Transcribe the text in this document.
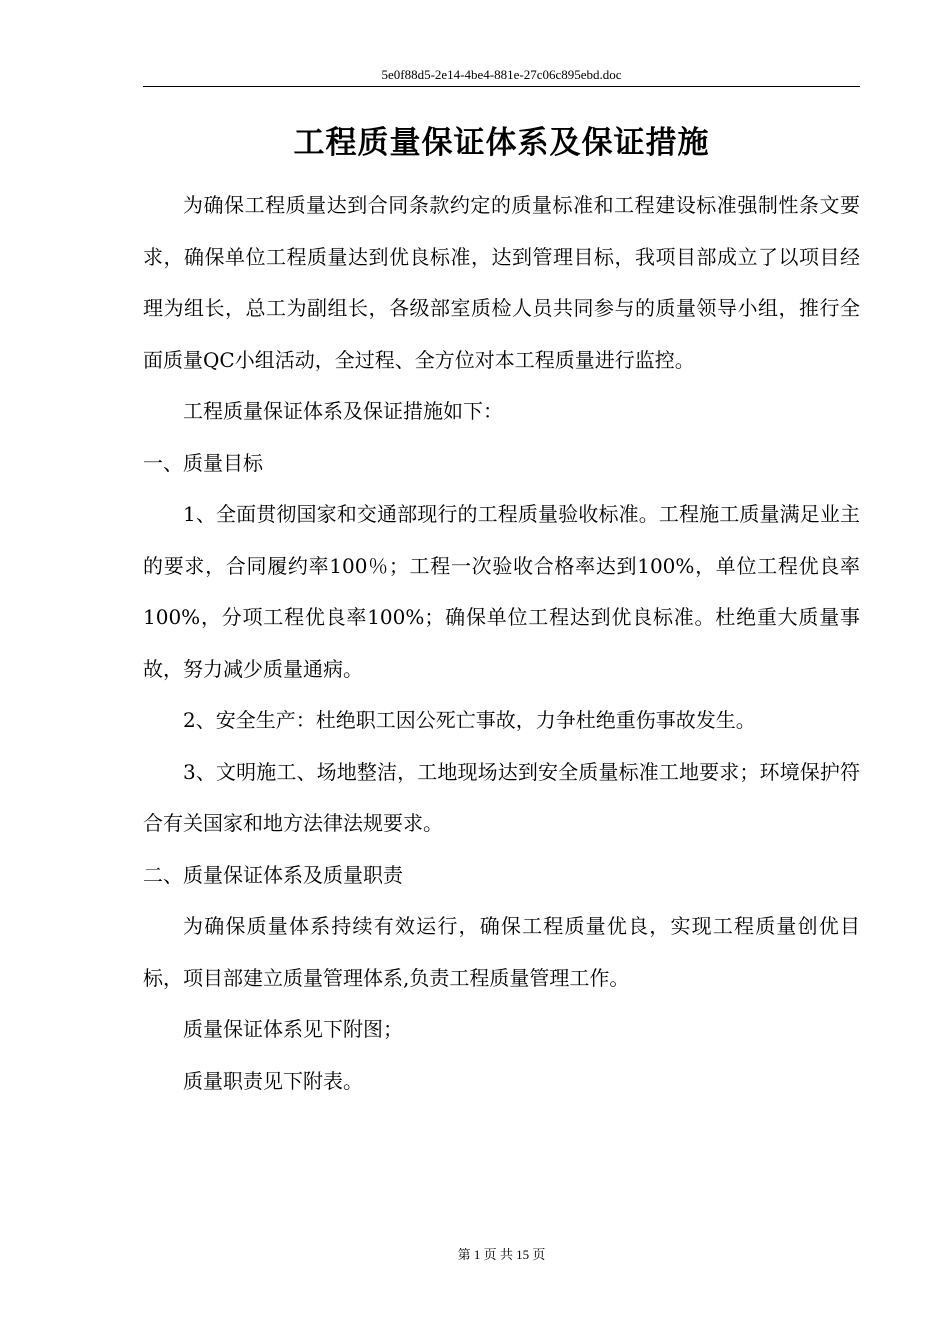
5e0f88d5-2e14-4be4-881e-27c06c895ebd.doc
工程质量保证体系及保证措施

为确保工程质量达到合同条款约定的质量标准和工程建设标准强制性条文要求，确保单位工程质量达到优良标准，达到管理目标，我项目部成立了以项目经理为组长，总工为副组长，各级部室质检人员共同参与的质量领导小组，推行全面质量QC小组活动，全过程、全方位对本工程质量进行监控。

工程质量保证体系及保证措施如下：

一、质量目标

1、全面贯彻国家和交通部现行的工程质量验收标准。工程施工质量满足业主的要求，合同履约率100％；工程一次验收合格率达到100%，单位工程优良率100%，分项工程优良率100%；确保单位工程达到优良标准。杜绝重大质量事故，努力减少质量通病。

2、安全生产：杜绝职工因公死亡事故，力争杜绝重伤事故发生。

3、文明施工、场地整洁，工地现场达到安全质量标准工地要求；环境保护符合有关国家和地方法律法规要求。

二、质量保证体系及质量职责

为确保质量体系持续有效运行，确保工程质量优良，实现工程质量创优目标，项目部建立质量管理体系,负责工程质量管理工作。

质量保证体系见下附图；

质量职责见下附表。

第 1 页 共 15 页
